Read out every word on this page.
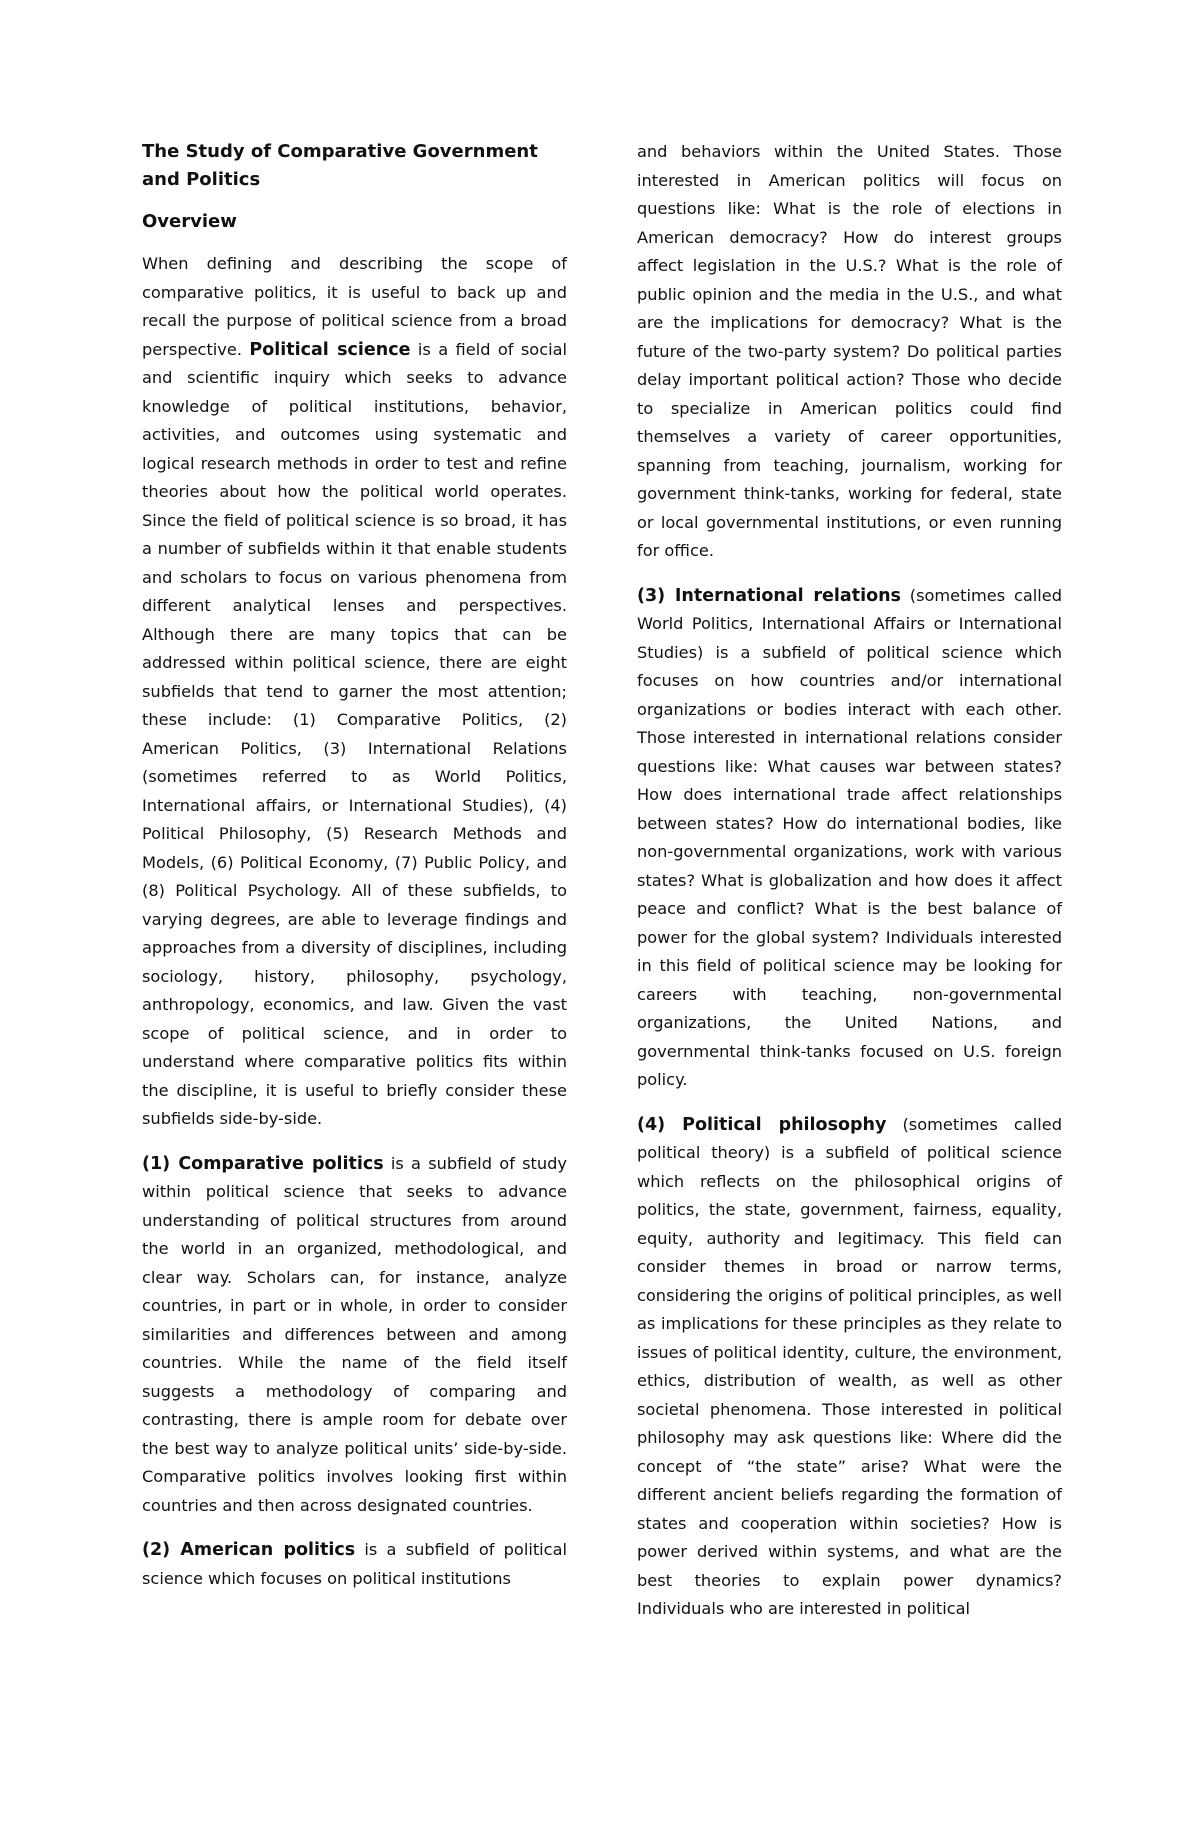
The Study of Comparative Government and Politics
Overview

When defining and describing the scope of comparative politics, it is useful to back up and recall the purpose of political science from a broad perspective. Political science is a field of social and scientific inquiry which seeks to advance knowledge of political institutions, behavior, activities, and outcomes using systematic and logical research methods in order to test and refine theories about how the political world operates. Since the field of political science is so broad, it has a number of subfields within it that enable students and scholars to focus on various phenomena from different analytical lenses and perspectives. Although there are many topics that can be addressed within political science, there are eight subfields that tend to garner the most attention; these include: (1) Comparative Politics, (2) American Politics, (3) International Relations (sometimes referred to as World Politics, International affairs, or International Studies), (4) Political Philosophy, (5) Research Methods and Models, (6) Political Economy, (7) Public Policy, and (8) Political Psychology. All of these subfields, to varying degrees, are able to leverage findings and approaches from a diversity of disciplines, including sociology, history, philosophy, psychology, anthropology, economics, and law. Given the vast scope of political science, and in order to understand where comparative politics fits within the discipline, it is useful to briefly consider these subfields side-by-side.

(1) Comparative politics is a subfield of study within political science that seeks to advance understanding of political structures from around the world in an organized, methodological, and clear way. Scholars can, for instance, analyze countries, in part or in whole, in order to consider similarities and differences between and among countries. While the name of the field itself suggests a methodology of comparing and contrasting, there is ample room for debate over the best way to analyze political units’ side-by-side. Comparative politics involves looking first within countries and then across designated countries.

(2) American politics is a subfield of political science which focuses on political institutions

and behaviors within the United States. Those interested in American politics will focus on questions like: What is the role of elections in American democracy? How do interest groups affect legislation in the U.S.? What is the role of public opinion and the media in the U.S., and what are the implications for democracy? What is the future of the two-party system? Do political parties delay important political action? Those who decide to specialize in American politics could find themselves a variety of career opportunities, spanning from teaching, journalism, working for government think-tanks, working for federal, state or local governmental institutions, or even running for office.

(3) International relations (sometimes called World Politics, International Affairs or International Studies) is a subfield of political science which focuses on how countries and/or international organizations or bodies interact with each other. Those interested in international relations consider questions like: What causes war between states? How does international trade affect relationships between states? How do international bodies, like non-governmental organizations, work with various states? What is globalization and how does it affect peace and conflict? What is the best balance of power for the global system? Individuals interested in this field of political science may be looking for careers with teaching, non-governmental organizations, the United Nations, and governmental think-tanks focused on U.S. foreign policy.

(4) Political philosophy (sometimes called political theory) is a subfield of political science which reflects on the philosophical origins of politics, the state, government, fairness, equality, equity, authority and legitimacy. This field can consider themes in broad or narrow terms, considering the origins of political principles, as well as implications for these principles as they relate to issues of political identity, culture, the environment, ethics, distribution of wealth, as well as other societal phenomena. Those interested in political philosophy may ask questions like: Where did the concept of “the state” arise? What were the different ancient beliefs regarding the formation of states and cooperation within societies? How is power derived within systems, and what are the best theories to explain power dynamics? Individuals who are interested in political
